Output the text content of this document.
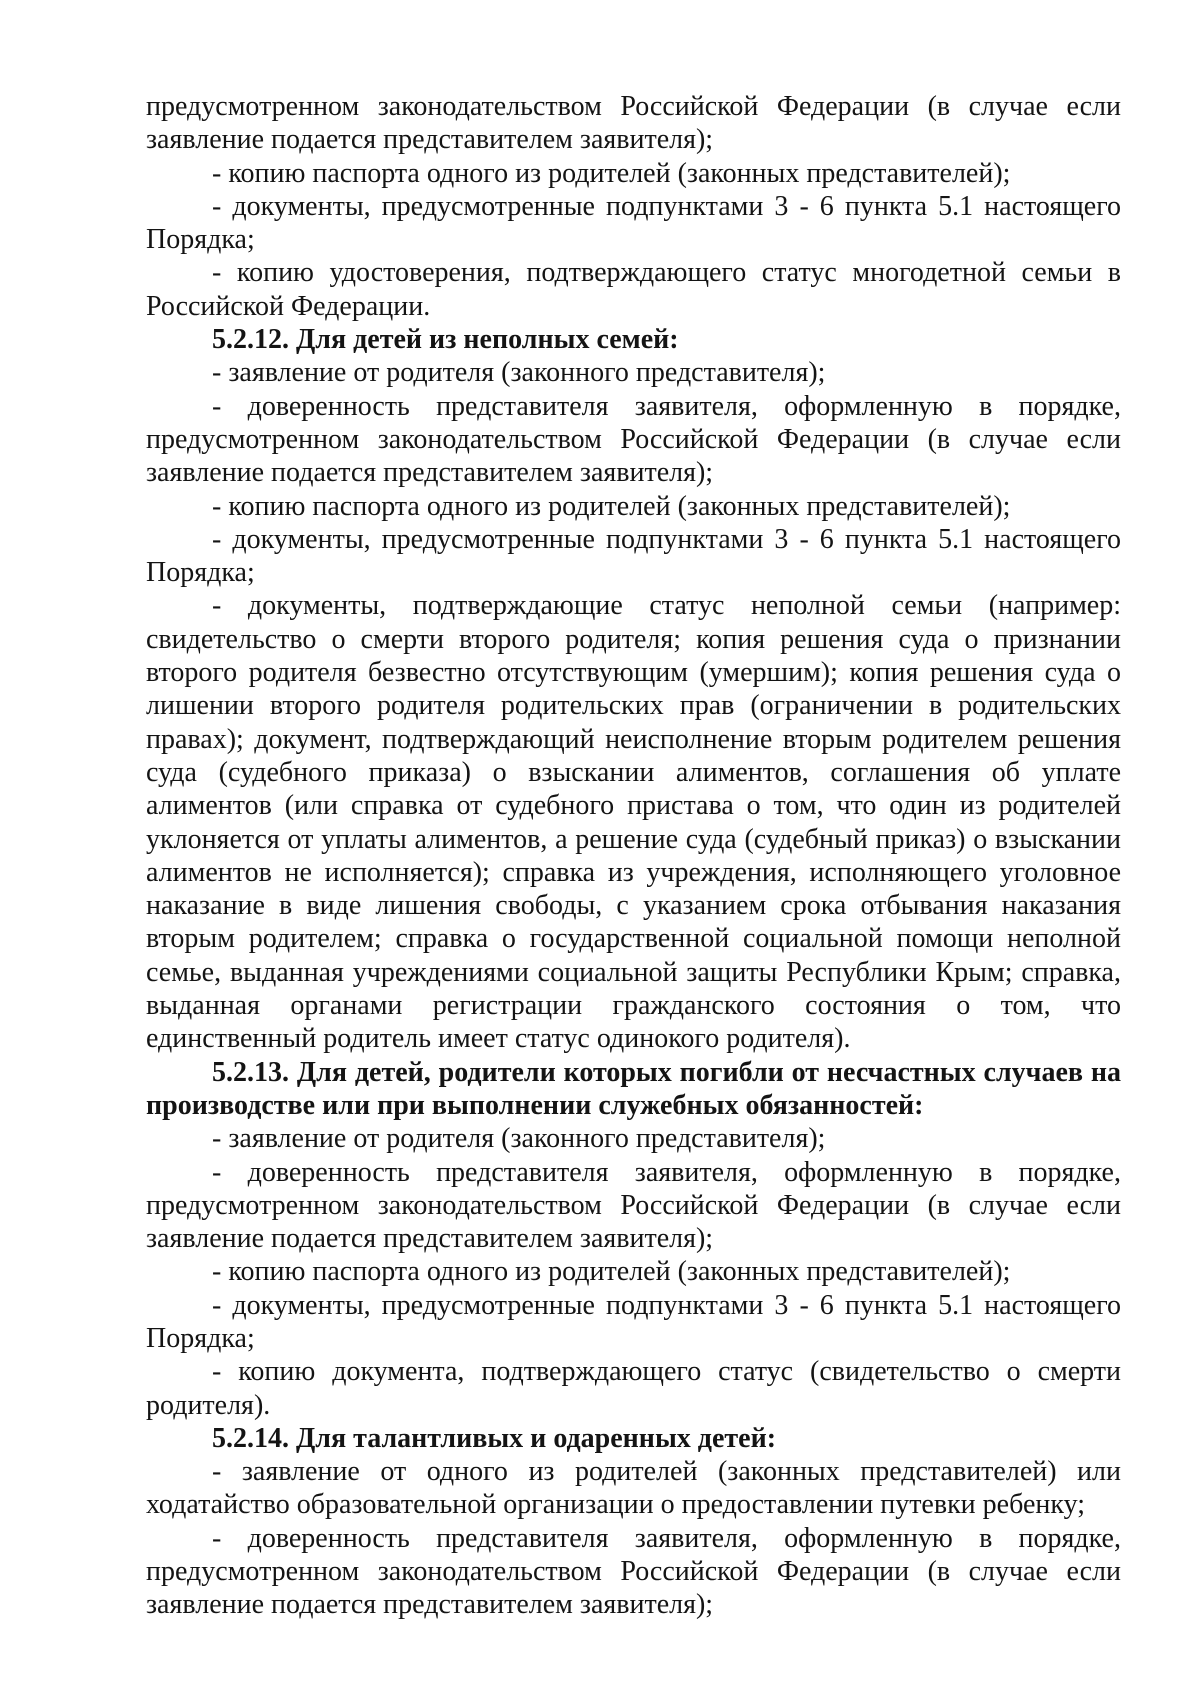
предусмотренном законодательством Российской Федерации (в случае если заявление подается представителем заявителя);

- копию паспорта одного из родителей (законных представителей);

- документы, предусмотренные подпунктами 3 - 6 пункта 5.1 настоящего Порядка;

- копию удостоверения, подтверждающего статус многодетной семьи в Российской Федерации.

5.2.12. Для детей из неполных семей:

- заявление от родителя (законного представителя);

- доверенность представителя заявителя, оформленную в порядке, предусмотренном законодательством Российской Федерации (в случае если заявление подается представителем заявителя);

- копию паспорта одного из родителей (законных представителей);

- документы, предусмотренные подпунктами 3 - 6 пункта 5.1 настоящего Порядка;

- документы, подтверждающие статус неполной семьи (например: свидетельство о смерти второго родителя; копия решения суда о признании второго родителя безвестно отсутствующим (умершим); копия решения суда о лишении второго родителя родительских прав (ограничении в родительских правах); документ, подтверждающий неисполнение вторым родителем решения суда (судебного приказа) о взыскании алиментов, соглашения об уплате алиментов (или справка от судебного пристава о том, что один из родителей уклоняется от уплаты алиментов, а решение суда (судебный приказ) о взыскании алиментов не исполняется); справка из учреждения, исполняющего уголовное наказание в виде лишения свободы, с указанием срока отбывания наказания вторым родителем; справка о государственной социальной помощи неполной семье, выданная учреждениями социальной защиты Республики Крым; справка, выданная органами регистрации гражданского состояния о том, что единственный родитель имеет статус одинокого родителя).

5.2.13. Для детей, родители которых погибли от несчастных случаев на производстве или при выполнении служебных обязанностей:

- заявление от родителя (законного представителя);

- доверенность представителя заявителя, оформленную в порядке, предусмотренном законодательством Российской Федерации (в случае если заявление подается представителем заявителя);

- копию паспорта одного из родителей (законных представителей);

- документы, предусмотренные подпунктами 3 - 6 пункта 5.1 настоящего Порядка;

- копию документа, подтверждающего статус (свидетельство о смерти родителя).

5.2.14. Для талантливых и одаренных детей:

- заявление от одного из родителей (законных представителей) или ходатайство образовательной организации о предоставлении путевки ребенку;

- доверенность представителя заявителя, оформленную в порядке, предусмотренном законодательством Российской Федерации (в случае если заявление подается представителем заявителя);
